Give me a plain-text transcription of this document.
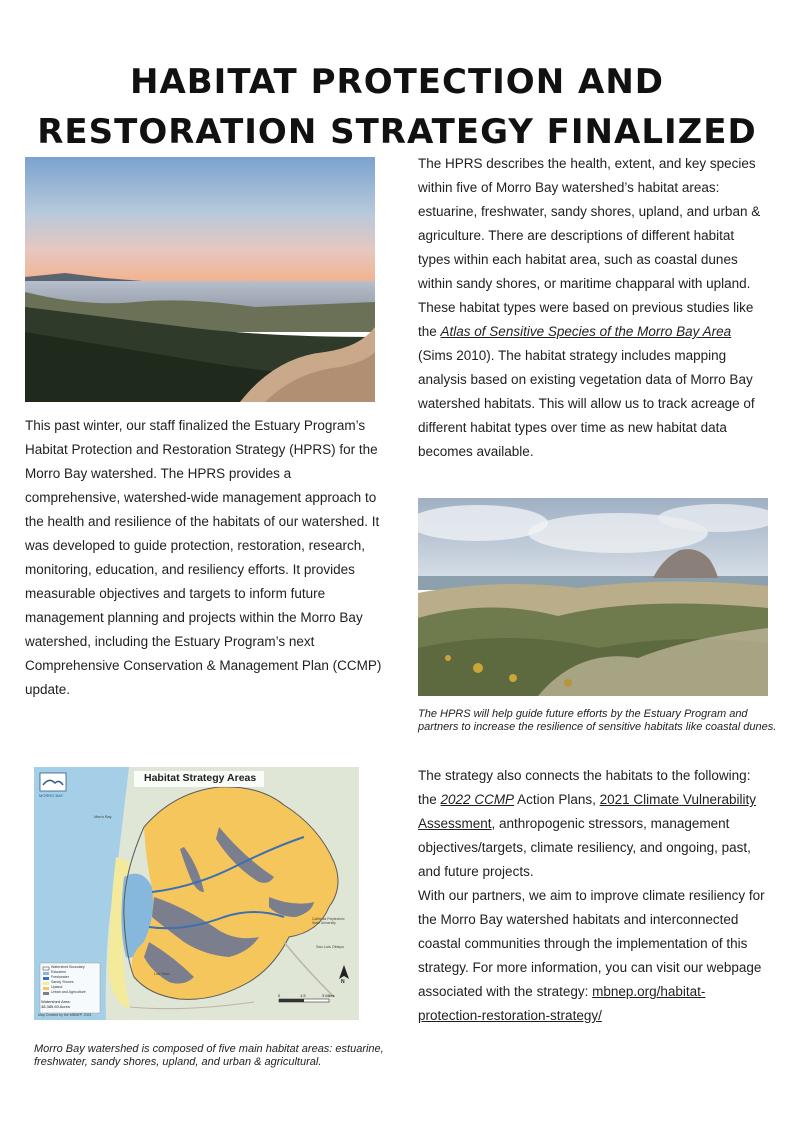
HABITAT PROTECTION AND RESTORATION STRATEGY FINALIZED

This past winter, our staff finalized the Estuary Program’s Habitat Protection and Restoration Strategy (HPRS) for the Morro Bay watershed. The HPRS provides a comprehensive, watershed-wide management approach to the health and resilience of the habitats of our watershed. It was developed to guide protection, restoration, research, monitoring, education, and resiliency efforts. It provides measurable objectives and targets to inform future management planning and projects within the Morro Bay watershed, including the Estuary Program’s next Comprehensive Conservation & Management Plan (CCMP) update.

The HPRS describes the health, extent, and key species within five of Morro Bay watershed’s habitat areas: estuarine, freshwater, sandy shores, upland, and urban & agriculture. There are descriptions of different habitat types within each habitat area, such as coastal dunes within sandy shores, or maritime chapparal with upland. These habitat types were based on previous studies like the Atlas of Sensitive Species of the Morro Bay Area (Sims 2010). The habitat strategy includes mapping analysis based on existing vegetation data of Morro Bay watershed habitats. This will allow us to track acreage of different habitat types over time as new habitat data becomes available.

The HPRS will help guide future efforts by the Estuary Program and partners to increase the resilience of sensitive habitats like coastal dunes.

The strategy also connects the habitats to the following: the 2022 CCMP Action Plans, 2021 Climate Vulnerability Assessment, anthropogenic stressors, management objectives/targets, climate resiliency, and ongoing, past, and future projects.

With our partners, we aim to improve climate resiliency for the Morro Bay watershed habitats and interconnected coastal communities through the implementation of this strategy. For more information, you can visit our webpage associated with the strategy: mbnep.org/habitat-protection-restoration-strategy/

Habitat Strategy Areas
MORRO BAY
Watershed Boundary
Estuarine
Freshwater
Sandy Shores
Upland
Urban and Agriculture
Watershed Area:
48,385.60 Acres
Map Created by the MBNEP, 2024
Morro Bay
Los Osos
San Luis Obispo
California Polytechnic State University
N
0	1.5	3 Miles

Morro Bay watershed is composed of five main habitat areas: estuarine, freshwater, sandy shores, upland, and urban & agricultural.
